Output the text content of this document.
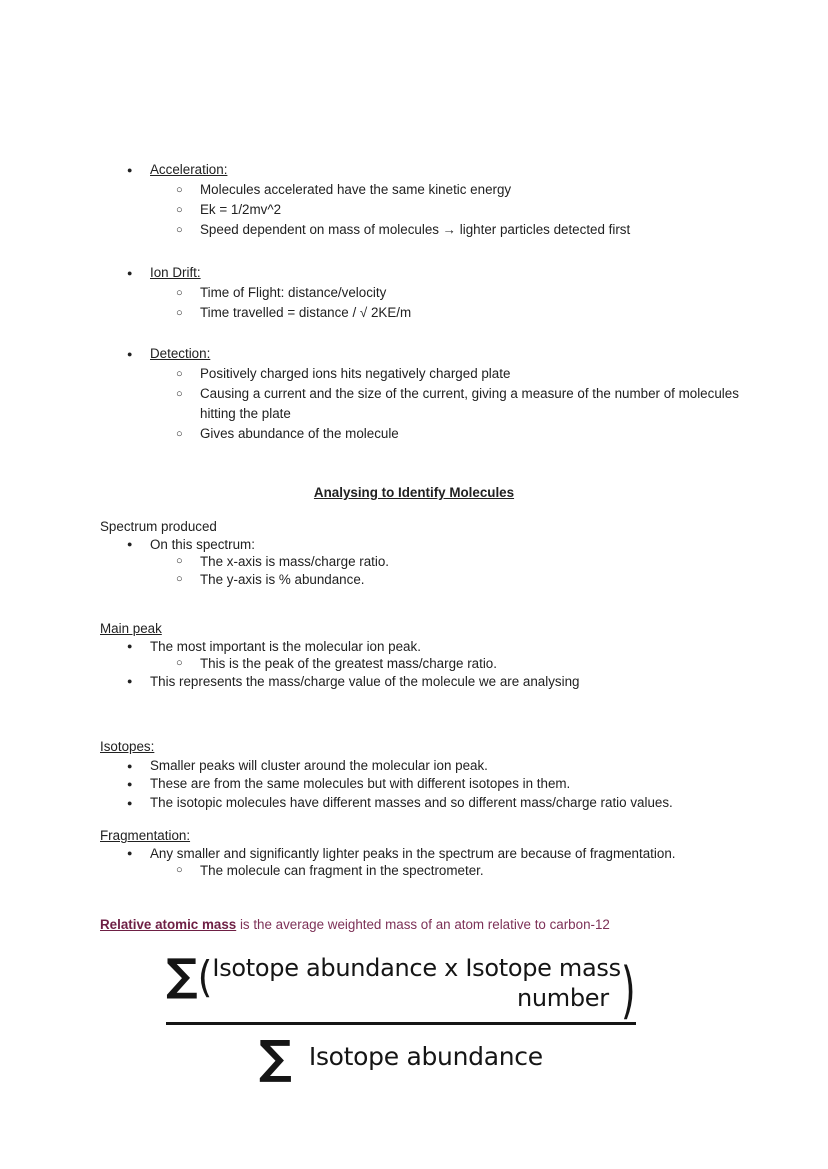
●	Acceleration:
○	Molecules accelerated have the same kinetic energy
○	Ek = 1/2mv^2
○	Speed dependent on mass of molecules → lighter particles detected first
●	Ion Drift:
○	Time of Flight: distance/velocity
○	Time travelled = distance / √ 2KE/m
●	Detection:
○	Positively charged ions hits negatively charged plate
○	Causing a current and the size of the current, giving a measure of the number of molecules hitting the plate
○	Gives abundance of the molecule
Analysing to Identify Molecules
Spectrum produced
●	On this spectrum:
○	The x-axis is mass/charge ratio.
○	The y-axis is % abundance.
Main peak
●	The most important is the molecular ion peak.
○	This is the peak of the greatest mass/charge ratio.
●	This represents the mass/charge value of the molecule we are analysing
Isotopes:
●	Smaller peaks will cluster around the molecular ion peak.
●	These are from the same molecules but with different isotopes in them.
●	The isotopic molecules have different masses and so different mass/charge ratio values.
Fragmentation:
●	Any smaller and significantly lighter peaks in the spectrum are because of fragmentation.
○	The molecule can fragment in the spectrometer.
Relative atomic mass is the average weighted mass of an atom relative to carbon-12
∑ ( Isotope abundance x Isotope mass
number )
∑ Isotope abundance
